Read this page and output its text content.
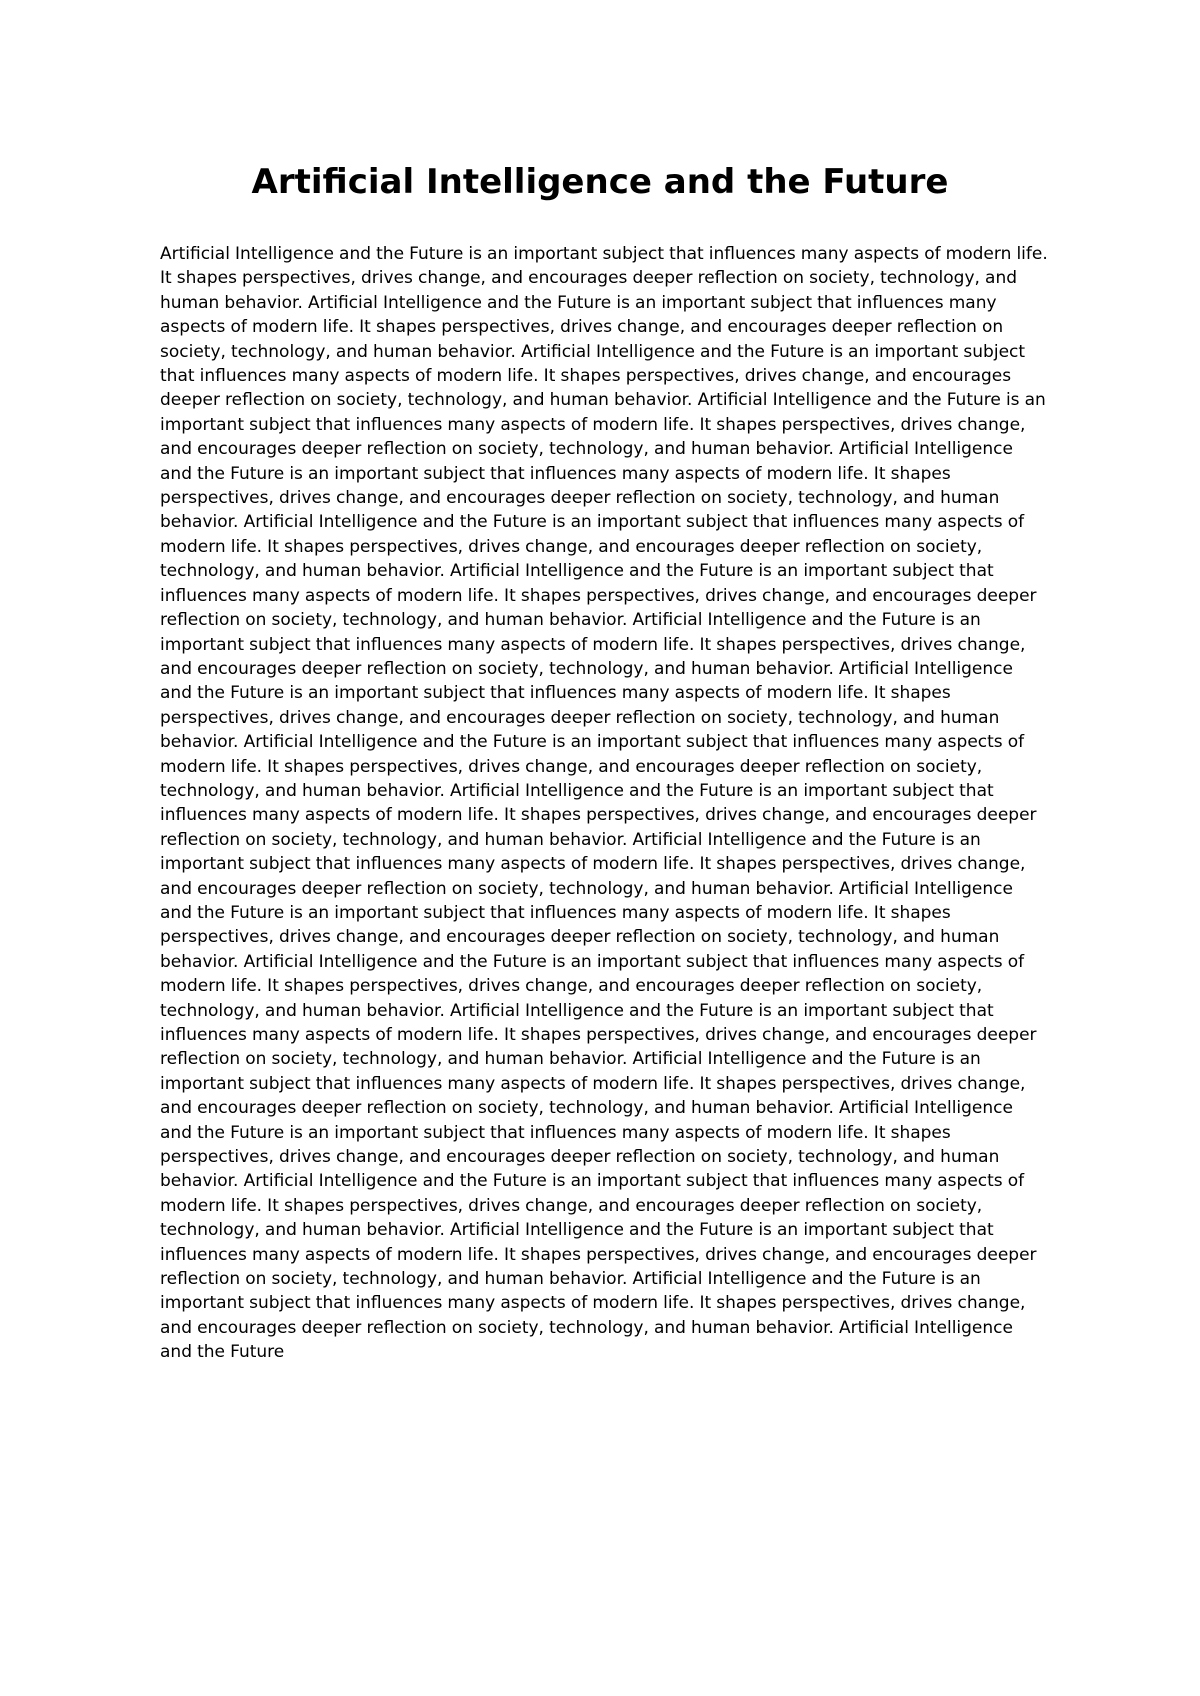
Artificial Intelligence and the Future

Artificial Intelligence and the Future is an important subject that influences many aspects of modern life. It shapes perspectives, drives change, and encourages deeper reflection on society, technology, and human behavior. Artificial Intelligence and the Future is an important subject that influences many aspects of modern life. It shapes perspectives, drives change, and encourages deeper reflection on society, technology, and human behavior. Artificial Intelligence and the Future is an important subject that influences many aspects of modern life. It shapes perspectives, drives change, and encourages deeper reflection on society, technology, and human behavior. Artificial Intelligence and the Future is an important subject that influences many aspects of modern life. It shapes perspectives, drives change, and encourages deeper reflection on society, technology, and human behavior. Artificial Intelligence and the Future is an important subject that influences many aspects of modern life. It shapes perspectives, drives change, and encourages deeper reflection on society, technology, and human behavior. Artificial Intelligence and the Future is an important subject that influences many aspects of modern life. It shapes perspectives, drives change, and encourages deeper reflection on society, technology, and human behavior. Artificial Intelligence and the Future is an important subject that influences many aspects of modern life. It shapes perspectives, drives change, and encourages deeper reflection on society, technology, and human behavior. Artificial Intelligence and the Future is an important subject that influences many aspects of modern life. It shapes perspectives, drives change, and encourages deeper reflection on society, technology, and human behavior. Artificial Intelligence and the Future is an important subject that influences many aspects of modern life. It shapes perspectives, drives change, and encourages deeper reflection on society, technology, and human behavior. Artificial Intelligence and the Future is an important subject that influences many aspects of modern life. It shapes perspectives, drives change, and encourages deeper reflection on society, technology, and human behavior. Artificial Intelligence and the Future is an important subject that influences many aspects of modern life. It shapes perspectives, drives change, and encourages deeper reflection on society, technology, and human behavior. Artificial Intelligence and the Future is an important subject that influences many aspects of modern life. It shapes perspectives, drives change, and encourages deeper reflection on society, technology, and human behavior. Artificial Intelligence and the Future is an important subject that influences many aspects of modern life. It shapes perspectives, drives change, and encourages deeper reflection on society, technology, and human behavior. Artificial Intelligence and the Future is an important subject that influences many aspects of modern life. It shapes perspectives, drives change, and encourages deeper reflection on society, technology, and human behavior. Artificial Intelligence and the Future is an important subject that influences many aspects of modern life. It shapes perspectives, drives change, and encourages deeper reflection on society, technology, and human behavior. Artificial Intelligence and the Future is an important subject that influences many aspects of modern life. It shapes perspectives, drives change, and encourages deeper reflection on society, technology, and human behavior. Artificial Intelligence and the Future is an important subject that influences many aspects of modern life. It shapes perspectives, drives change, and encourages deeper reflection on society, technology, and human behavior. Artificial Intelligence and the Future is an important subject that influences many aspects of modern life. It shapes perspectives, drives change, and encourages deeper reflection on society, technology, and human behavior. Artificial Intelligence and the Future is an important subject that influences many aspects of modern life. It shapes perspectives, drives change, and encourages deeper reflection on society, technology, and human behavior. Artificial Intelligence and the Future is an important subject that influences many aspects of modern life. It shapes perspectives, drives change, and encourages deeper reflection on society, technology, and human behavior. Artificial Intelligence and the Future
